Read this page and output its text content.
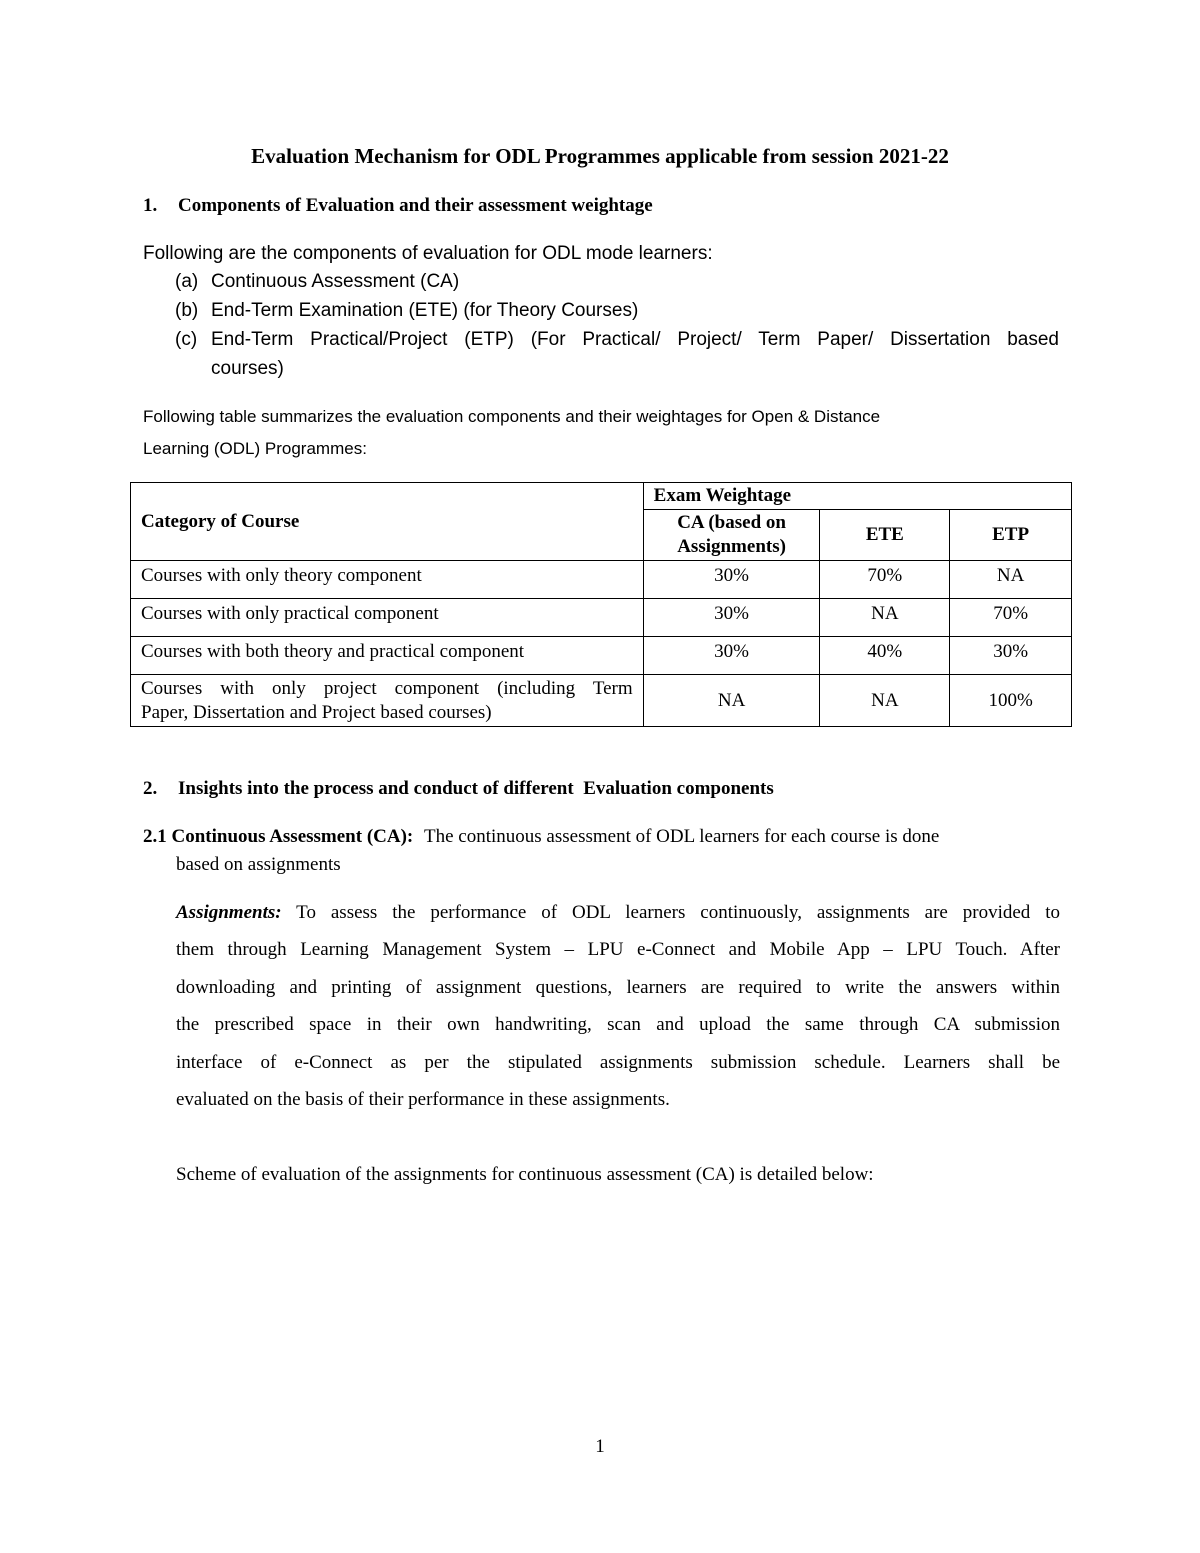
Evaluation Mechanism for ODL Programmes applicable from session 2021-22
1. Components of Evaluation and their assessment weightage
Following are the components of evaluation for ODL mode learners:
(a) Continuous Assessment (CA)
(b) End-Term Examination (ETE) (for Theory Courses)
(c) End-Term Practical/Project (ETP) (For Practical/ Project/ Term Paper/ Dissertation based
courses)
Following table summarizes the evaluation components and their weightages for Open & Distance
Learning (ODL) Programmes:
Category of Course	Exam Weightage		

	CA (based on
Assignments)	ETE	ETP
Courses with only theory component	30%	70%	NA
Courses with only practical component	30%	NA	70%
Courses with both theory and practical component	30%	40%	30%

Courses with only project component (including Term
Paper, Dissertation and Project based courses)	NA	NA	100%
2. Insights into the process and conduct of different  Evaluation components
2.1 Continuous Assessment (CA): The continuous assessment of ODL learners for each course is done
based on assignments
Assignments: To assess the performance of ODL learners continuously, assignments are provided to
them through Learning Management System – LPU e-Connect and Mobile App – LPU Touch. After
downloading and printing of assignment questions, learners are required to write the answers within
the prescribed space in their own handwriting, scan and upload the same through CA submission
interface of e-Connect as per the stipulated assignments submission schedule. Learners shall be
evaluated on the basis of their performance in these assignments.
Scheme of evaluation of the assignments for continuous assessment (CA) is detailed below:
1
